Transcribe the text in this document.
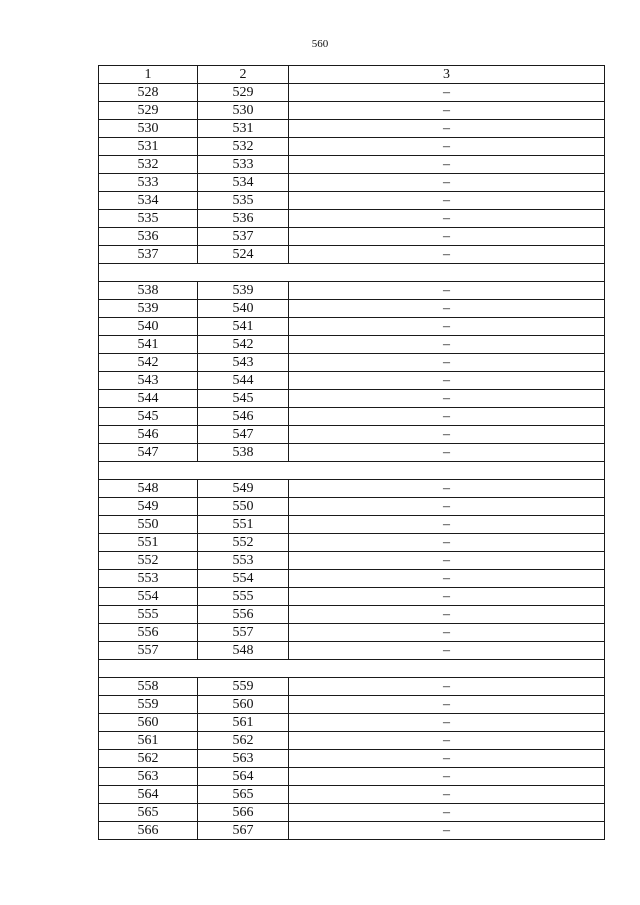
560
1	2	3
528	529	–
529	530	–
530	531	–
531	532	–
532	533	–
533	534	–
534	535	–
535	536	–
536	537	–
537	524	–

538	539	–
539	540	–
540	541	–
541	542	–
542	543	–
543	544	–
544	545	–
545	546	–
546	547	–
547	538	–

548	549	–
549	550	–
550	551	–
551	552	–
552	553	–
553	554	–
554	555	–
555	556	–
556	557	–
557	548	–

558	559	–
559	560	–
560	561	–
561	562	–
562	563	–
563	564	–
564	565	–
565	566	–
566	567	–
